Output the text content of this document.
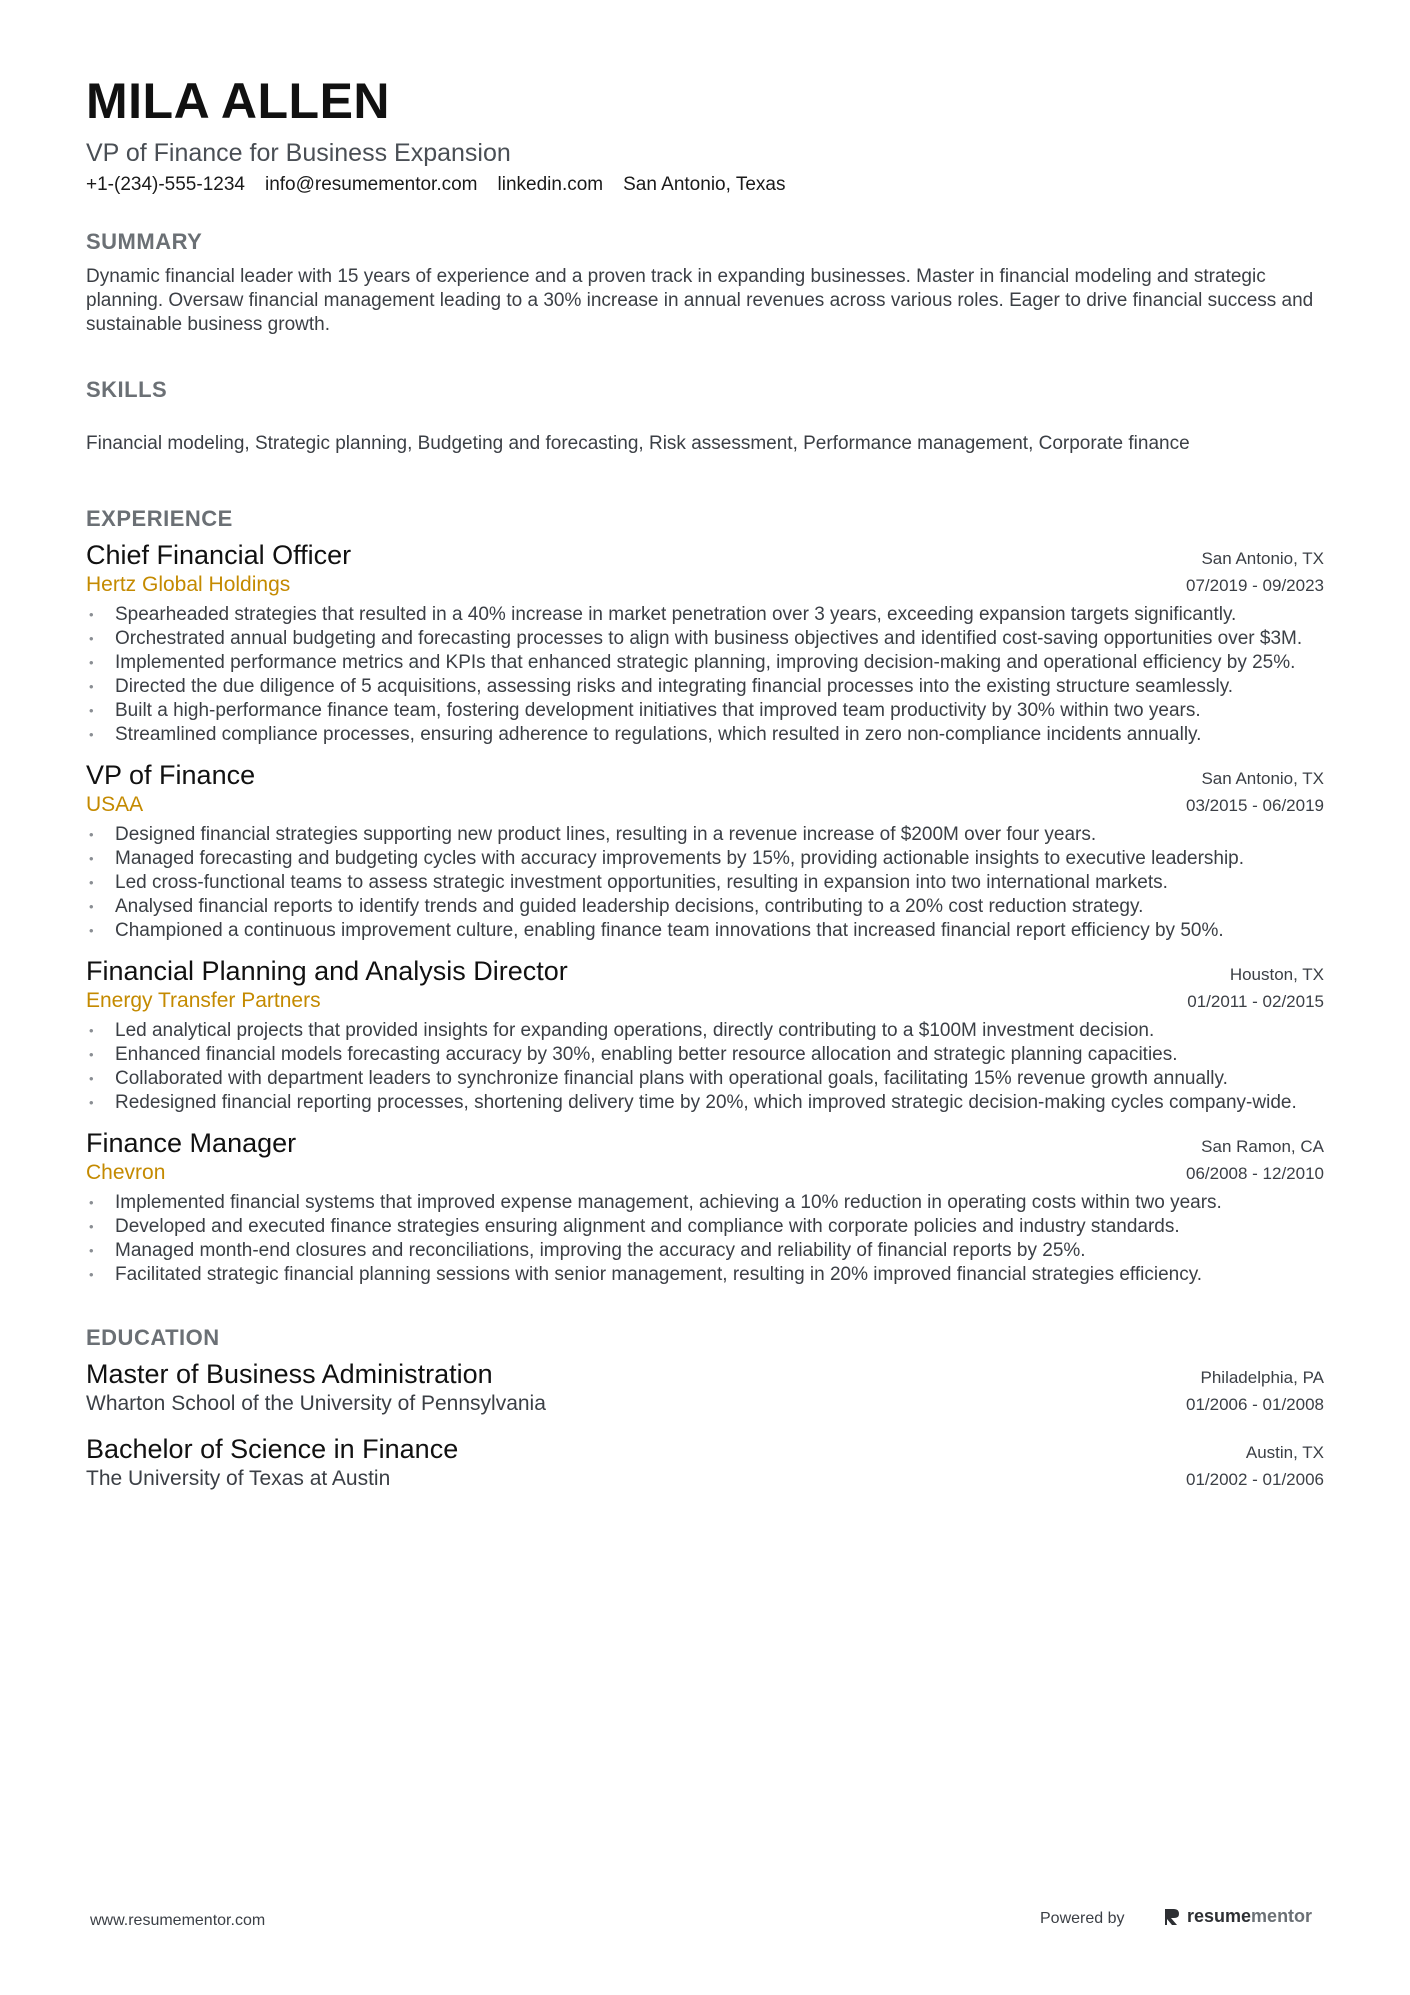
MILA ALLEN
VP of Finance for Business Expansion
+1-(234)-555-1234 info@resumementor.com linkedin.com San Antonio, Texas
SUMMARY
Dynamic financial leader with 15 years of experience and a proven track in expanding businesses. Master in financial modeling and strategic planning. Oversaw financial management leading to a 30% increase in annual revenues across various roles. Eager to drive financial success and sustainable business growth.
SKILLS
Financial modeling, Strategic planning, Budgeting and forecasting, Risk assessment, Performance management, Corporate finance
EXPERIENCE
Chief Financial Officer	San Antonio, TX
Hertz Global Holdings	07/2019 - 09/2023
• Spearheaded strategies that resulted in a 40% increase in market penetration over 3 years, exceeding expansion targets significantly.
• Orchestrated annual budgeting and forecasting processes to align with business objectives and identified cost-saving opportunities over $3M.
• Implemented performance metrics and KPIs that enhanced strategic planning, improving decision-making and operational efficiency by 25%.
• Directed the due diligence of 5 acquisitions, assessing risks and integrating financial processes into the existing structure seamlessly.
• Built a high-performance finance team, fostering development initiatives that improved team productivity by 30% within two years.
• Streamlined compliance processes, ensuring adherence to regulations, which resulted in zero non-compliance incidents annually.
VP of Finance	San Antonio, TX
USAA	03/2015 - 06/2019
• Designed financial strategies supporting new product lines, resulting in a revenue increase of $200M over four years.
• Managed forecasting and budgeting cycles with accuracy improvements by 15%, providing actionable insights to executive leadership.
• Led cross-functional teams to assess strategic investment opportunities, resulting in expansion into two international markets.
• Analysed financial reports to identify trends and guided leadership decisions, contributing to a 20% cost reduction strategy.
• Championed a continuous improvement culture, enabling finance team innovations that increased financial report efficiency by 50%.
Financial Planning and Analysis Director	Houston, TX
Energy Transfer Partners	01/2011 - 02/2015
• Led analytical projects that provided insights for expanding operations, directly contributing to a $100M investment decision.
• Enhanced financial models forecasting accuracy by 30%, enabling better resource allocation and strategic planning capacities.
• Collaborated with department leaders to synchronize financial plans with operational goals, facilitating 15% revenue growth annually.
• Redesigned financial reporting processes, shortening delivery time by 20%, which improved strategic decision-making cycles company-wide.
Finance Manager	San Ramon, CA
Chevron	06/2008 - 12/2010
• Implemented financial systems that improved expense management, achieving a 10% reduction in operating costs within two years.
• Developed and executed finance strategies ensuring alignment and compliance with corporate policies and industry standards.
• Managed month-end closures and reconciliations, improving the accuracy and reliability of financial reports by 25%.
• Facilitated strategic financial planning sessions with senior management, resulting in 20% improved financial strategies efficiency.
EDUCATION
Master of Business Administration	Philadelphia, PA
Wharton School of the University of Pennsylvania	01/2006 - 01/2008
Bachelor of Science in Finance	Austin, TX
The University of Texas at Austin	01/2002 - 01/2006
www.resumementor.com	Powered by	resumementor
